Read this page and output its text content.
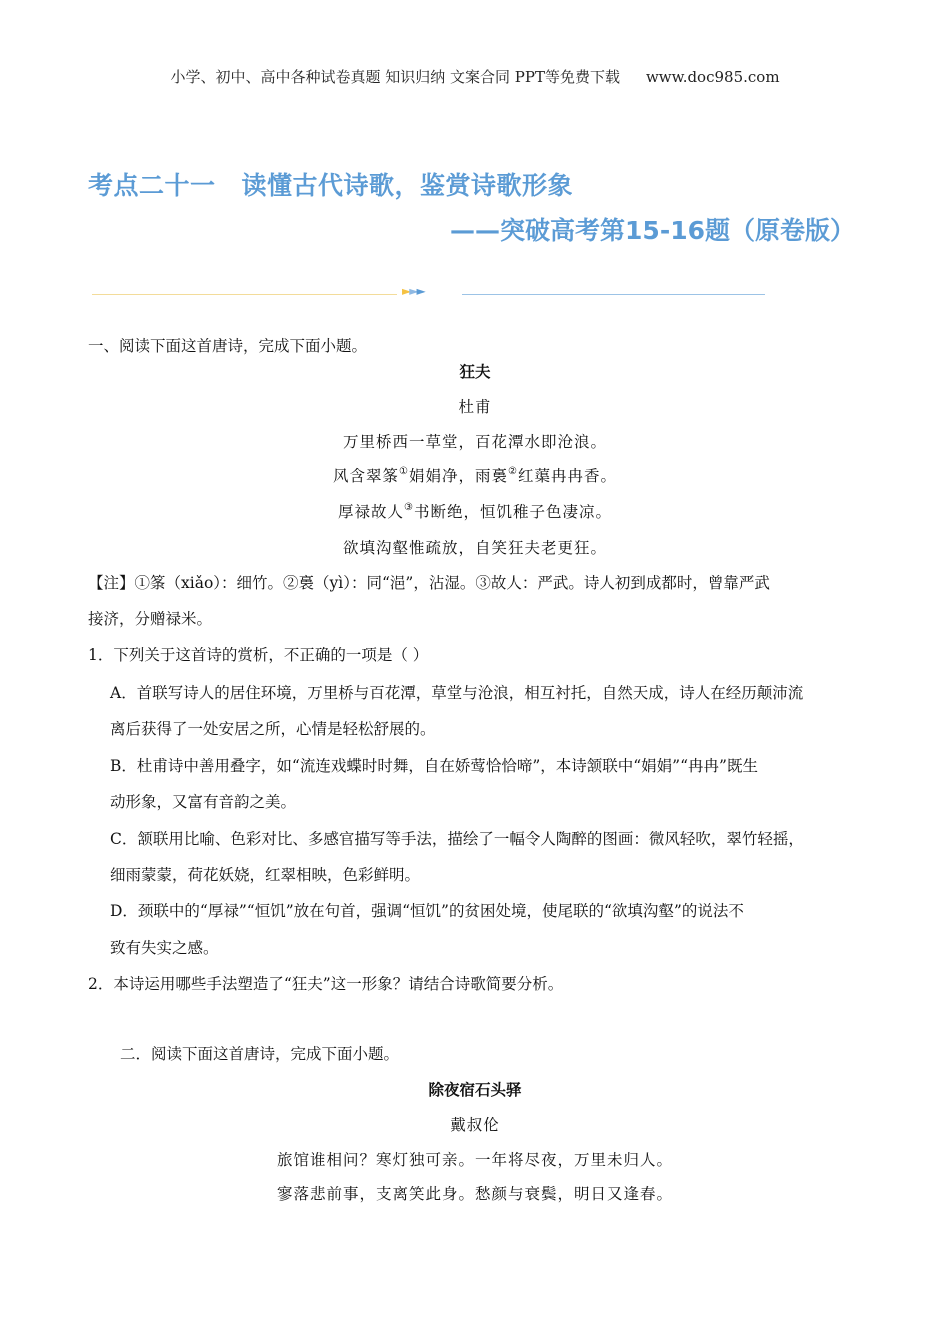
小学、初中、高中各种试卷真题 知识归纳 文案合同 PPT等免费下载 www.doc985.com
考点二十一 读懂古代诗歌，鉴赏诗歌形象
——突破高考第15-16题（原卷版）
►►►
一、阅读下面这首唐诗，完成下面小题。
狂夫
杜甫
万里桥西一草堂，百花潭水即沧浪。
风含翠筿①娟娟净，雨裛②红蕖冉冉香。
厚禄故人③书断绝，恒饥稚子色凄凉。
欲填沟壑惟疏放，自笑狂夫老更狂。
【注】①筿（xiǎo）：细竹。②裛（yì）：同“浥”，沾湿。③故人：严武。诗人初到成都时，曾靠严武
接济，分赠禄米。
1．下列关于这首诗的赏析，不正确的一项是（ ）
A．首联写诗人的居住环境，万里桥与百花潭，草堂与沧浪，相互衬托，自然天成，诗人在经历颠沛流
离后获得了一处安居之所，心情是轻松舒展的。
B．杜甫诗中善用叠字，如“流连戏蝶时时舞，自在娇莺恰恰啼”，本诗颔联中“娟娟”“冉冉”既生
动形象，又富有音韵之美。
C．颔联用比喻、色彩对比、多感官描写等手法，描绘了一幅令人陶醉的图画：微风轻吹，翠竹轻摇，
细雨蒙蒙，荷花妖娆，红翠相映，色彩鲜明。
D．颈联中的“厚禄”“恒饥”放在句首，强调“恒饥”的贫困处境，使尾联的“欲填沟壑”的说法不
致有失实之感。
2．本诗运用哪些手法塑造了“狂夫”这一形象？请结合诗歌简要分析。
二．阅读下面这首唐诗，完成下面小题。
除夜宿石头驿
戴叔伦
旅馆谁相问？寒灯独可亲。一年将尽夜，万里未归人。
寥落悲前事，支离笑此身。愁颜与衰鬓，明日又逢春。
